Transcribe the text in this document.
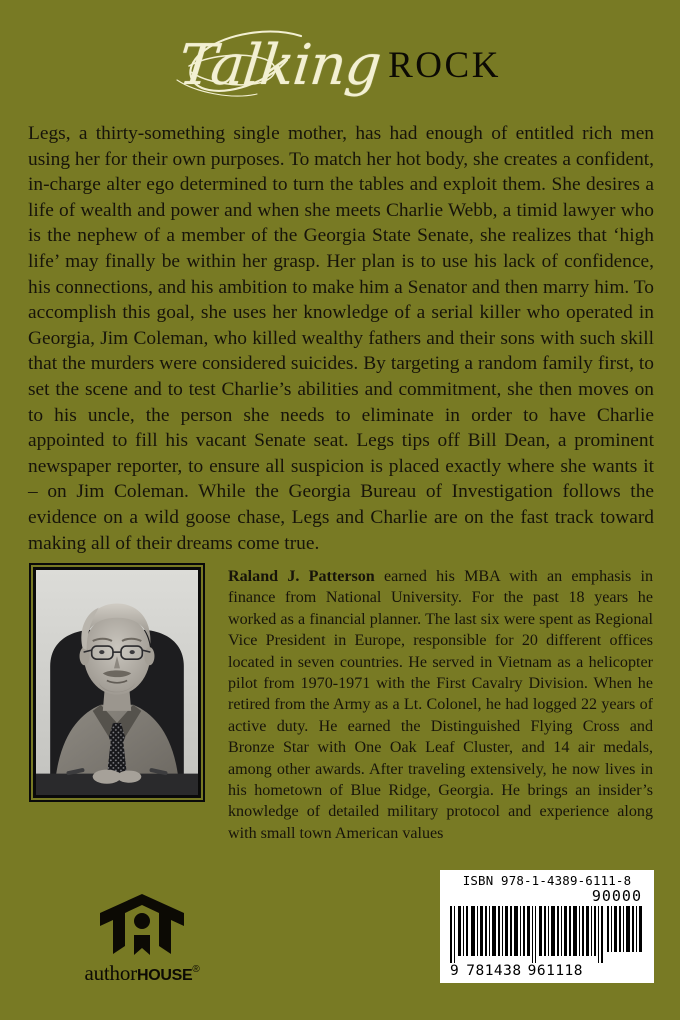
Talking ROCK

Legs, a thirty-something single mother, has had enough of entitled rich men using her for their own purposes. To match her hot body, she creates a confident, in-charge alter ego determined to turn the tables and exploit them. She desires a life of wealth and power and when she meets Charlie Webb, a timid lawyer who is the nephew of a member of the Georgia State Senate, she realizes that ‘high life’ may finally be within her grasp. Her plan is to use his lack of confidence, his connections, and his ambition to make him a Senator and then marry him. To accomplish this goal, she uses her knowledge of a serial killer who operated in Georgia, Jim Coleman, who killed wealthy fathers and their sons with such skill that the murders were considered suicides. By targeting a random family first, to set the scene and to test Charlie’s abilities and commitment, she then moves on to his uncle, the person she needs to eliminate in order to have Charlie appointed to fill his vacant Senate seat. Legs tips off Bill Dean, a prominent newspaper reporter, to ensure all suspicion is placed exactly where she wants it – on Jim Coleman. While the Georgia Bureau of Investigation follows the evidence on a wild goose chase, Legs and Charlie are on the fast track toward making all of their dreams come true.

Raland J. Patterson earned his MBA with an emphasis in finance from National University. For the past 18 years he worked as a financial planner. The last six were spent as Regional Vice President in Europe, responsible for 20 different offices located in seven countries. He served in Vietnam as a helicopter pilot from 1970-1971 with the First Cavalry Division. When he retired from the Army as a Lt. Colonel, he had logged 22 years of active duty. He earned the Distinguished Flying Cross and Bronze Star with One Oak Leaf Cluster, and 14 air medals, among other awards. After traveling extensively, he now lives in his hometown of Blue Ridge, Georgia. He brings an insider’s knowledge of detailed military protocol and experience along with small town American values

authorHOUSE®
ISBN 978-1-4389-6111-8
90000
9 781438 961118
